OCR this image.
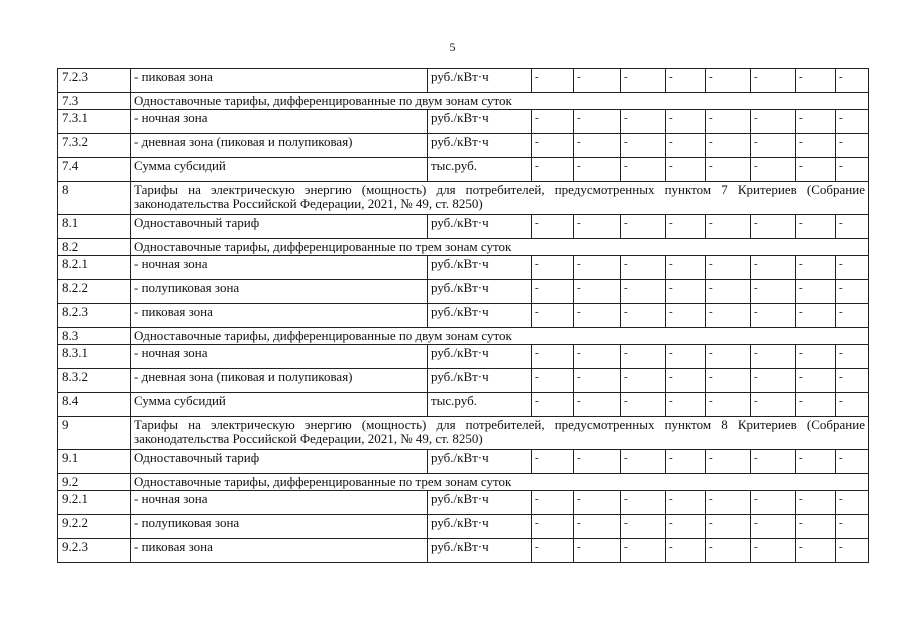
5
7.2.3	- пиковая зона	руб./кВт·ч	-	-	-	-	-	-	-	-
7.3	Одноставочные тарифы, дифференцированные по двум зонам суток									
7.3.1	- ночная зона	руб./кВт·ч	-	-	-	-	-	-	-	-
7.3.2	- дневная зона (пиковая и полупиковая)	руб./кВт·ч	-	-	-	-	-	-	-	-
7.4	Сумма субсидий	тыс.руб.	-	-	-	-	-	-	-	-
8	Тарифы на электрическую энергию (мощность) для потребителей, предусмотренных пунктом 7 Критериев (Собрание законодательства Российской Федерации, 2021, № 49, ст. 8250)									
8.1	Одноставочный тариф	руб./кВт·ч	-	-	-	-	-	-	-	-
8.2	Одноставочные тарифы, дифференцированные по трем зонам суток									
8.2.1	- ночная зона	руб./кВт·ч	-	-	-	-	-	-	-	-
8.2.2	- полупиковая зона	руб./кВт·ч	-	-	-	-	-	-	-	-
8.2.3	- пиковая зона	руб./кВт·ч	-	-	-	-	-	-	-	-
8.3	Одноставочные тарифы, дифференцированные по двум зонам суток									
8.3.1	- ночная зона	руб./кВт·ч	-	-	-	-	-	-	-	-
8.3.2	- дневная зона (пиковая и полупиковая)	руб./кВт·ч	-	-	-	-	-	-	-	-
8.4	Сумма субсидий	тыс.руб.	-	-	-	-	-	-	-	-
9	Тарифы на электрическую энергию (мощность) для потребителей, предусмотренных пунктом 8 Критериев (Собрание законодательства Российской Федерации, 2021, № 49, ст. 8250)									
9.1	Одноставочный тариф	руб./кВт·ч	-	-	-	-	-	-	-	-
9.2	Одноставочные тарифы, дифференцированные по трем зонам суток									
9.2.1	- ночная зона	руб./кВт·ч	-	-	-	-	-	-	-	-
9.2.2	- полупиковая зона	руб./кВт·ч	-	-	-	-	-	-	-	-
9.2.3	- пиковая зона	руб./кВт·ч	-	-	-	-	-	-	-	-
